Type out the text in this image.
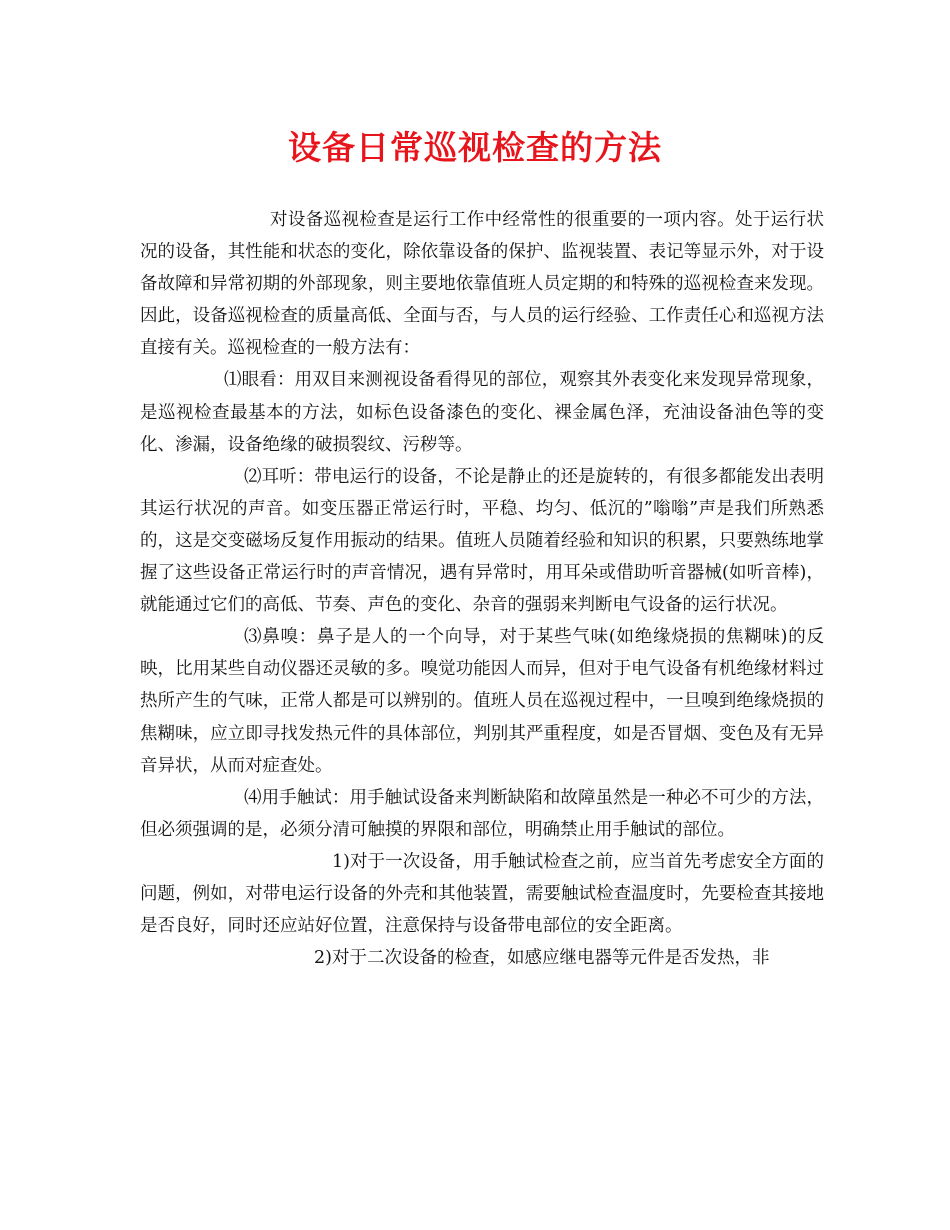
设备日常巡视检查的方法

对设备巡视检查是运行工作中经常性的很重要的一项内容。处于运行状况的设备，其性能和状态的变化，除依靠设备的保护、监视装置、表记等显示外，对于设备故障和异常初期的外部现象，则主要地依靠值班人员定期的和特殊的巡视检查来发现。因此，设备巡视检查的质量高低、全面与否，与人员的运行经验、工作责任心和巡视方法直接有关。巡视检查的一般方法有：

⑴眼看：用双目来测视设备看得见的部位，观察其外表变化来发现异常现象，是巡视检查最基本的方法，如标色设备漆色的变化、裸金属色泽，充油设备油色等的变化、渗漏，设备绝缘的破损裂纹、污秽等。

⑵耳听：带电运行的设备，不论是静止的还是旋转的，有很多都能发出表明其运行状况的声音。如变压器正常运行时，平稳、均匀、低沉的”嗡嗡”声是我们所熟悉的，这是交变磁场反复作用振动的结果。值班人员随着经验和知识的积累，只要熟练地掌握了这些设备正常运行时的声音情况，遇有异常时，用耳朵或借助听音器械(如听音棒)，就能通过它们的高低、节奏、声色的变化、杂音的强弱来判断电气设备的运行状况。

⑶鼻嗅：鼻子是人的一个向导，对于某些气味(如绝缘烧损的焦糊味)的反映，比用某些自动仪器还灵敏的多。嗅觉功能因人而异，但对于电气设备有机绝缘材料过热所产生的气味，正常人都是可以辨别的。值班人员在巡视过程中，一旦嗅到绝缘烧损的焦糊味，应立即寻找发热元件的具体部位，判别其严重程度，如是否冒烟、变色及有无异音异状，从而对症查处。

⑷用手触试：用手触试设备来判断缺陷和故障虽然是一种必不可少的方法，但必须强调的是，必须分清可触摸的界限和部位，明确禁止用手触试的部位。

1)对于一次设备，用手触试检查之前，应当首先考虑安全方面的问题，例如，对带电运行设备的外壳和其他装置，需要触试检查温度时，先要检查其接地是否良好，同时还应站好位置，注意保持与设备带电部位的安全距离。

2)对于二次设备的检查，如感应继电器等元件是否发热，非
